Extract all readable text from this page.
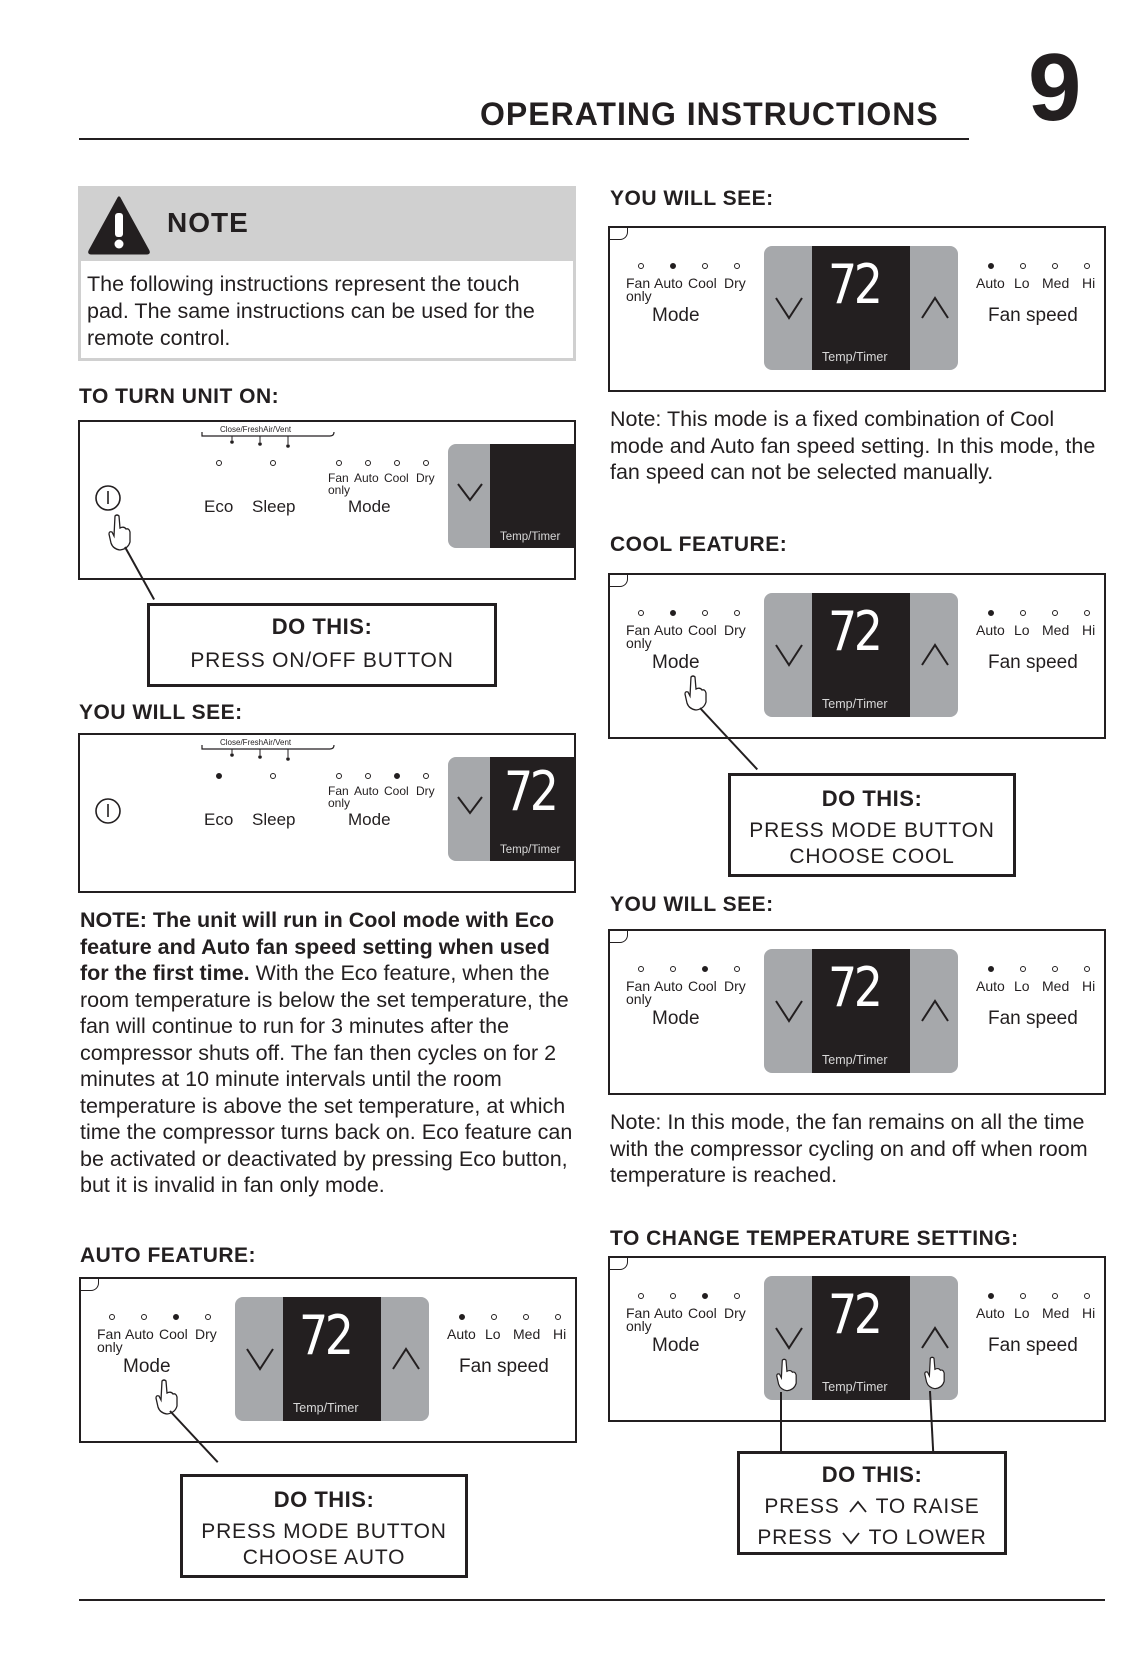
OPERATING INSTRUCTIONS 9
NOTE
The following instructions represent the touch pad. The same instructions can be used for the remote control.
TO TURN UNIT ON:
Close/FreshAir/Vent
Eco Sleep
Fan
only
Auto Cool Dry
Mode
Temp/Timer
DO THIS:
PRESS ON/OFF BUTTON
YOU WILL SEE:
Close/FreshAir/Vent
Eco Sleep
Fan
only
Auto Cool Dry
Mode 72
Temp/Timer
NOTE: The unit will run in Cool mode with Eco feature and Auto fan speed setting when used for the first time. With the Eco feature, when the room temperature is below the set temperature, the fan will continue to run for 3 minutes after the compressor shuts off. The fan then cycles on for 2 minutes at 10 minute intervals until the room temperature is above the set temperature, at which time the compressor turns back on. Eco feature can be activated or deactivated by pressing Eco button, but it is invalid in fan only mode.
AUTO FEATURE:
Fan
only
Auto Cool Dry
Mode 72
Temp/Timer
Auto Lo Med Hi
Fan speed
DO THIS:
PRESS MODE BUTTON
CHOOSE AUTO
YOU WILL SEE:
Fan
only
Auto Cool Dry
Mode 72
Temp/Timer
Auto Lo Med Hi
Fan speed
Note: This mode is a fixed combination of Cool mode and Auto fan speed setting. In this mode, the fan speed can not be selected manually.
COOL FEATURE:
Fan
only
Auto Cool Dry
Mode 72
Temp/Timer
Auto Lo Med Hi
Fan speed
DO THIS:
PRESS MODE BUTTON
CHOOSE COOL
YOU WILL SEE:
Fan
only
Auto Cool Dry
Mode 72
Temp/Timer
Auto Lo Med Hi
Fan speed
Note: In this mode, the fan remains on all the time with the compressor cycling on and off when room temperature is reached.
TO CHANGE TEMPERATURE SETTING:
Fan
only
Auto Cool Dry
Mode 72
Temp/Timer
Auto Lo Med Hi
Fan speed
DO THIS:
PRESS TO RAISE
PRESS TO LOWER
